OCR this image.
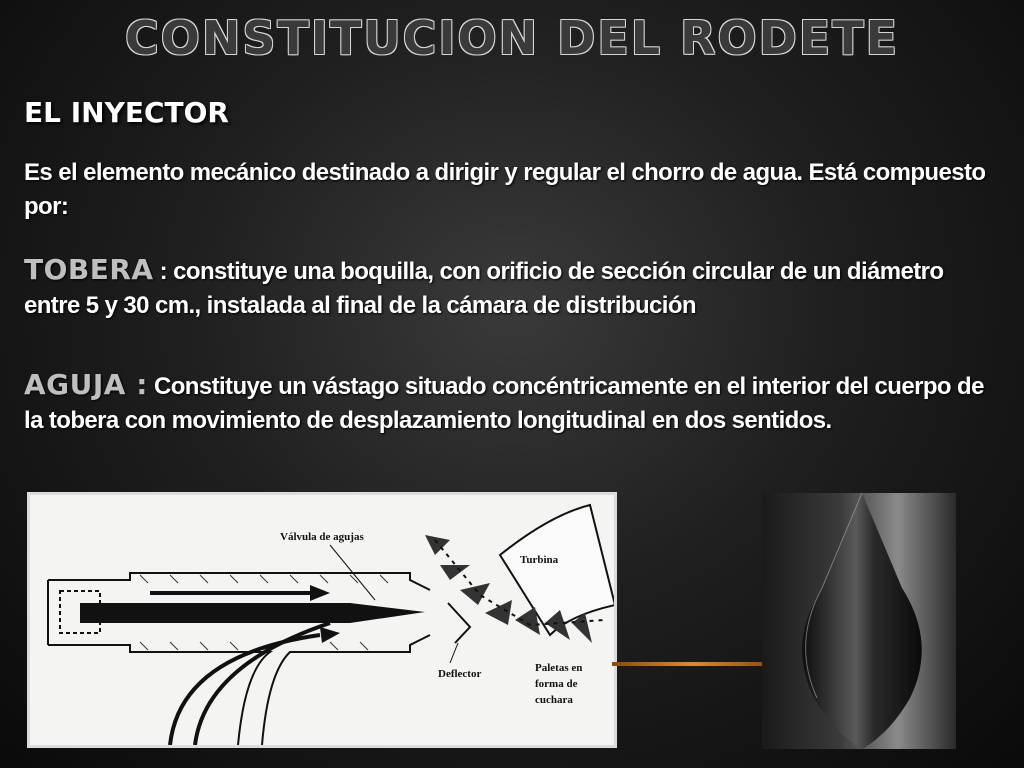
CONSTITUCION DEL RODETE
EL INYECTOR
Es el elemento mecánico destinado a dirigir y regular el chorro de agua. Está compuesto por:
TOBERA : constituye una boquilla, con orificio de sección circular de un diámetro entre 5 y 30 cm., instalada al final de la cámara de distribución
AGUJA : Constituye un vástago situado concéntricamente en el interior del cuerpo de la tobera con movimiento de desplazamiento longitudinal en dos sentidos.
Válvula de agujas
Turbina
Deflector	Paletas en
forma de
cuchara
